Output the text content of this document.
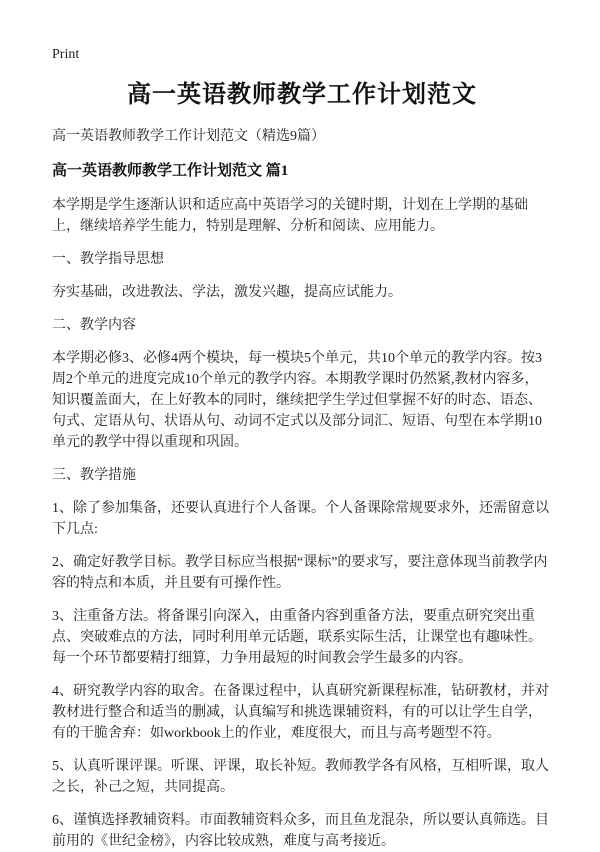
Print
高一英语教师教学工作计划范文

高一英语教师教学工作计划范文（精选9篇）

高一英语教师教学工作计划范文 篇1

本学期是学生逐渐认识和适应高中英语学习的关键时期，计划在上学期的基础上，继续培养学生能力，特别是理解、分析和阅读、应用能力。

一、教学指导思想

夯实基础，改进教法、学法，激发兴趣，提高应试能力。

二、教学内容

本学期必修3、必修4两个模块，每一模块5个单元，共10个单元的教学内容。按3周2个单元的进度完成10个单元的教学内容。本期教学课时仍然紧,教材内容多，知识覆盖面大，在上好教本的同时，继续把学生学过但掌握不好的时态、语态、句式、定语从句、状语从句、动词不定式以及部分词汇、短语、句型在本学期10单元的教学中得以重现和巩固。

三、教学措施

1、除了参加集备，还要认真进行个人备课。个人备课除常规要求外，还需留意以下几点:

2、确定好教学目标。教学目标应当根据“课标”的要求写，要注意体现当前教学内容的特点和本质，并且要有可操作性。

3、注重备方法。将备课引向深入，由重备内容到重备方法，要重点研究突出重点、突破难点的方法，同时利用单元话题，联系实际生活，让课堂也有趣味性。每一个环节都要精打细算，力争用最短的时间教会学生最多的内容。

4、研究教学内容的取舍。在备课过程中，认真研究新课程标准，钻研教材，并对教材进行整合和适当的删减，认真编写和挑选课辅资料，有的可以让学生自学，有的干脆舍弃：如workbook上的作业，难度很大，而且与高考题型不符。

5、认真听课评课。听课、评课，取长补短。教师教学各有风格，互相听课，取人之长，补己之短，共同提高。

6、谨慎选择教辅资料。市面教辅资料众多，而且鱼龙混杂，所以要认真筛选。目前用的《世纪金榜》，内容比较成熟，难度与高考接近。
